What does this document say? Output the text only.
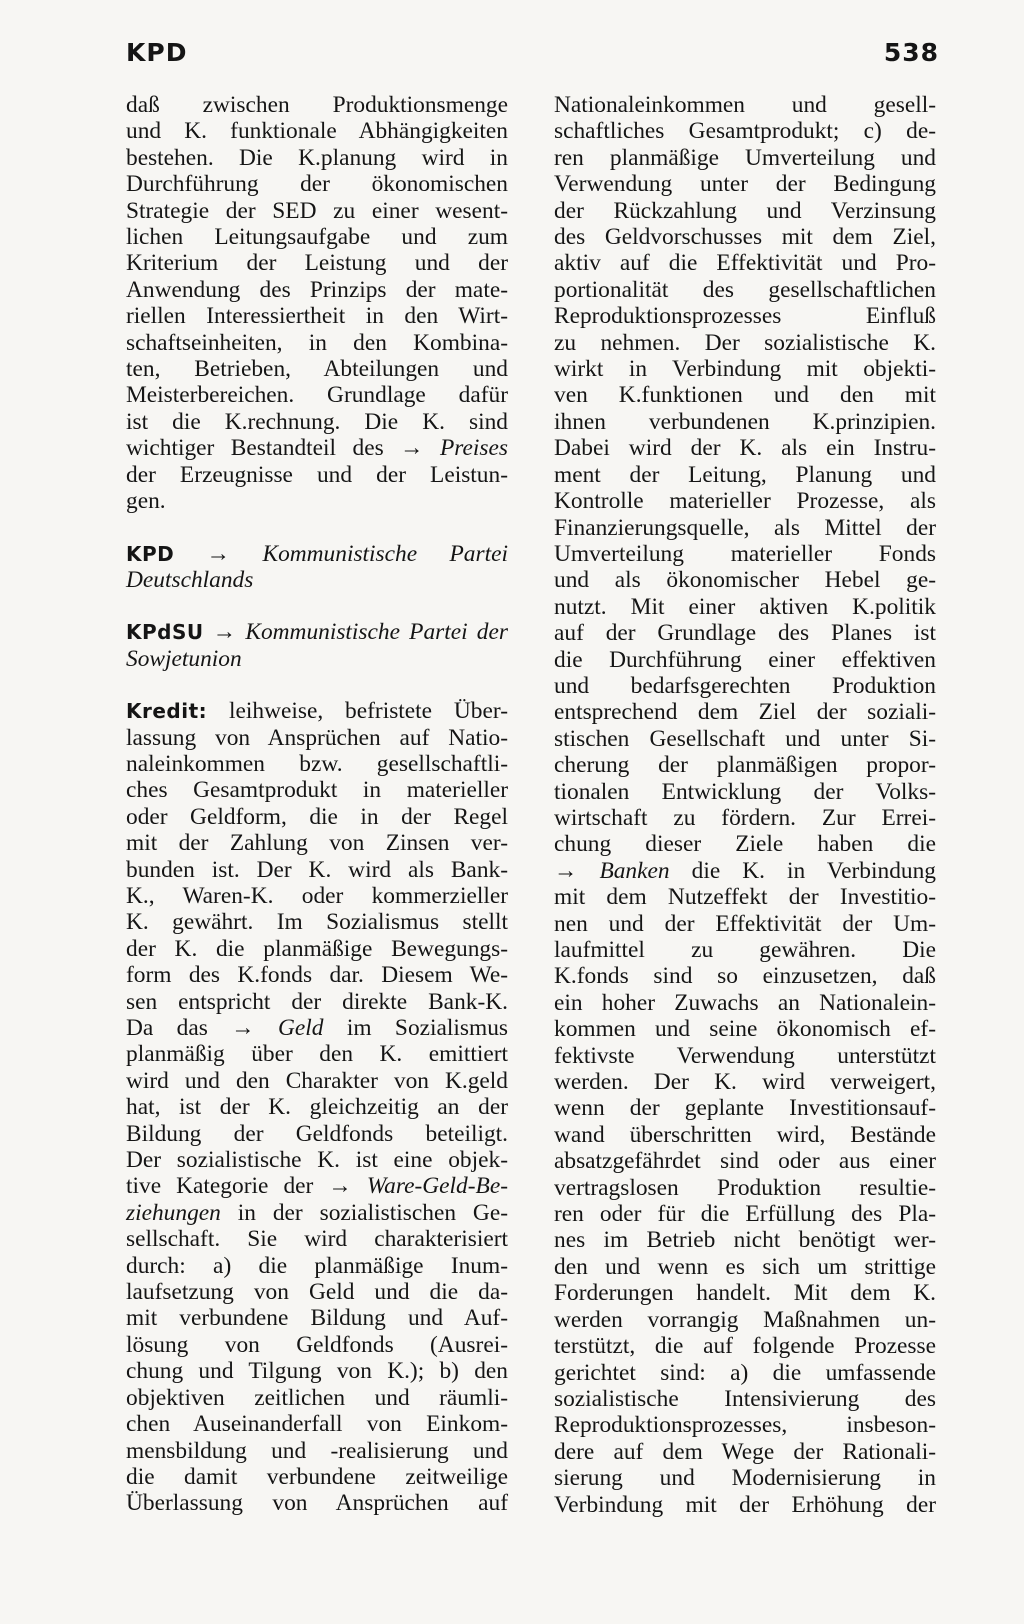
KPD	538

daß zwischen Produktionsmenge

und K. funktionale Abhängigkeiten

bestehen. Die K.planung wird in

Durchführung der ökonomischen

Strategie der SED zu einer wesent-

lichen Leitungsaufgabe und zum

Kriterium der Leistung und der

Anwendung des Prinzips der mate-

riellen Interessiertheit in den Wirt-

schaftseinheiten, in den Kombina-

ten, Betrieben, Abteilungen und

Meisterbereichen. Grundlage dafür

ist die K.rechnung. Die K. sind

wichtiger Bestandteil des → Preises

der Erzeugnisse und der Leistun-

gen.

KPD → Kommunistische Partei

Deutschlands

KPdSU → Kommunistische Partei der

Sowjetunion

Kredit: leihweise, befristete Über-

lassung von Ansprüchen auf Natio-

naleinkommen bzw. gesellschaftli-

ches Gesamtprodukt in materieller

oder Geldform, die in der Regel

mit der Zahlung von Zinsen ver-

bunden ist. Der K. wird als Bank-

K., Waren-K. oder kommerzieller

K. gewährt. Im Sozialismus stellt

der K. die planmäßige Bewegungs-

form des K.fonds dar. Diesem We-

sen entspricht der direkte Bank-K.

Da das → Geld im Sozialismus

planmäßig über den K. emittiert

wird und den Charakter von K.geld

hat, ist der K. gleichzeitig an der

Bildung der Geldfonds beteiligt.

Der sozialistische K. ist eine objek-

tive Kategorie der → Ware-Geld-Be-

ziehungen in der sozialistischen Ge-

sellschaft. Sie wird charakterisiert

durch: a) die planmäßige Inum-

laufsetzung von Geld und die da-

mit verbundene Bildung und Auf-

lösung von Geldfonds (Ausrei-

chung und Tilgung von K.); b) den

objektiven zeitlichen und räumli-

chen Auseinanderfall von Einkom-

mensbildung und -realisierung und

die damit verbundene zeitweilige

Überlassung von Ansprüchen auf

Nationaleinkommen und gesell-

schaftliches Gesamtprodukt; c) de-

ren planmäßige Umverteilung und

Verwendung unter der Bedingung

der Rückzahlung und Verzinsung

des Geldvorschusses mit dem Ziel,

aktiv auf die Effektivität und Pro-

portionalität des gesellschaftlichen

Reproduktionsprozesses Einfluß

zu nehmen. Der sozialistische K.

wirkt in Verbindung mit objekti-

ven K.funktionen und den mit

ihnen verbundenen K.prinzipien.

Dabei wird der K. als ein Instru-

ment der Leitung, Planung und

Kontrolle materieller Prozesse, als

Finanzierungsquelle, als Mittel der

Umverteilung materieller Fonds

und als ökonomischer Hebel ge-

nutzt. Mit einer aktiven K.politik

auf der Grundlage des Planes ist

die Durchführung einer effektiven

und bedarfsgerechten Produktion

entsprechend dem Ziel der soziali-

stischen Gesellschaft und unter Si-

cherung der planmäßigen propor-

tionalen Entwicklung der Volks-

wirtschaft zu fördern. Zur Errei-

chung dieser Ziele haben die

→ Banken die K. in Verbindung

mit dem Nutzeffekt der Investitio-

nen und der Effektivität der Um-

laufmittel zu gewähren. Die

K.fonds sind so einzusetzen, daß

ein hoher Zuwachs an Nationalein-

kommen und seine ökonomisch ef-

fektivste Verwendung unterstützt

werden. Der K. wird verweigert,

wenn der geplante Investitionsauf-

wand überschritten wird, Bestände

absatzgefährdet sind oder aus einer

vertragslosen Produktion resultie-

ren oder für die Erfüllung des Pla-

nes im Betrieb nicht benötigt wer-

den und wenn es sich um strittige

Forderungen handelt. Mit dem K.

werden vorrangig Maßnahmen un-

terstützt, die auf folgende Prozesse

gerichtet sind: a) die umfassende

sozialistische Intensivierung des

Reproduktionsprozesses, insbeson-

dere auf dem Wege der Rationali-

sierung und Modernisierung in

Verbindung mit der Erhöhung der
